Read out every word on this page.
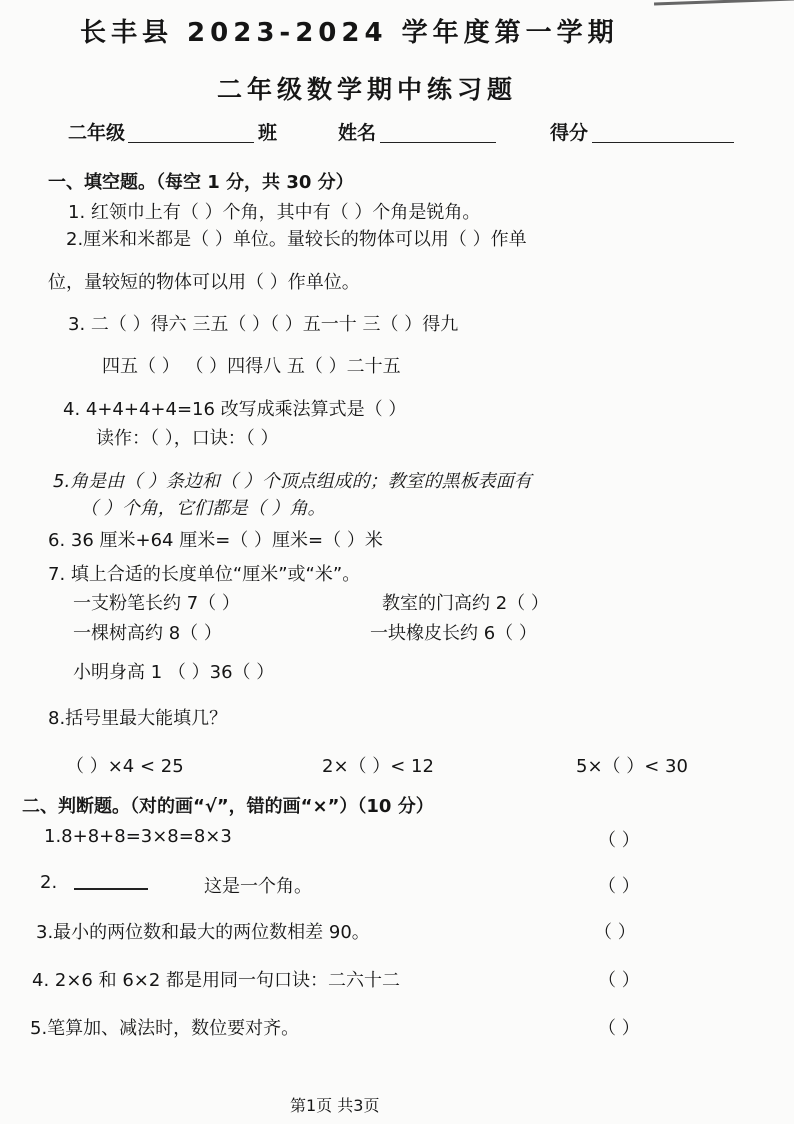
长丰县 2023-2024 学年度第一学期
二年级数学期中练习题
二年级	班	姓名	得分
一、填空题。（每空 1 分，共 30 分）
1. 红领巾上有（ ）个角，其中有（ ）个角是锐角。
2.厘米和米都是（ ）单位。量较长的物体可以用（ ）作单
位，量较短的物体可以用（ ）作单位。
3. 二（ ）得六 三五（ ）（ ）五一十 三（ ）得九
四五（ ） （ ）四得八 五（ ）二十五
4. 4+4+4+4=16 改写成乘法算式是（ ）
读作：（ ），口诀：（ ）
5.角是由（ ）条边和（ ）个顶点组成的；教室的黑板表面有
（ ）个角，它们都是（ ）角。
6. 36 厘米+64 厘米=（ ）厘米=（ ）米
7. 填上合适的长度单位“厘米”或“米”。
一支粉笔长约 7（ ）	教室的门高约 2（ ）
一棵树高约 8（ ）	一块橡皮长约 6（ ）
小明身高 1 （ ）36（ ）
8.括号里最大能填几？
（ ）×4 < 25	2×（ ）< 12	5×（ ）< 30
二、判断题。（对的画“√”，错的画“×”）（10 分）
1.8+8+8=3×8=8×3	（ ）
2.	这是一个角。	（ ）
3.最小的两位数和最大的两位数相差 90。	（ ）
4. 2×6 和 6×2 都是用同一句口诀：二六十二	（ ）
5.笔算加、减法时，数位要对齐。	（ ）
第1页 共3页
